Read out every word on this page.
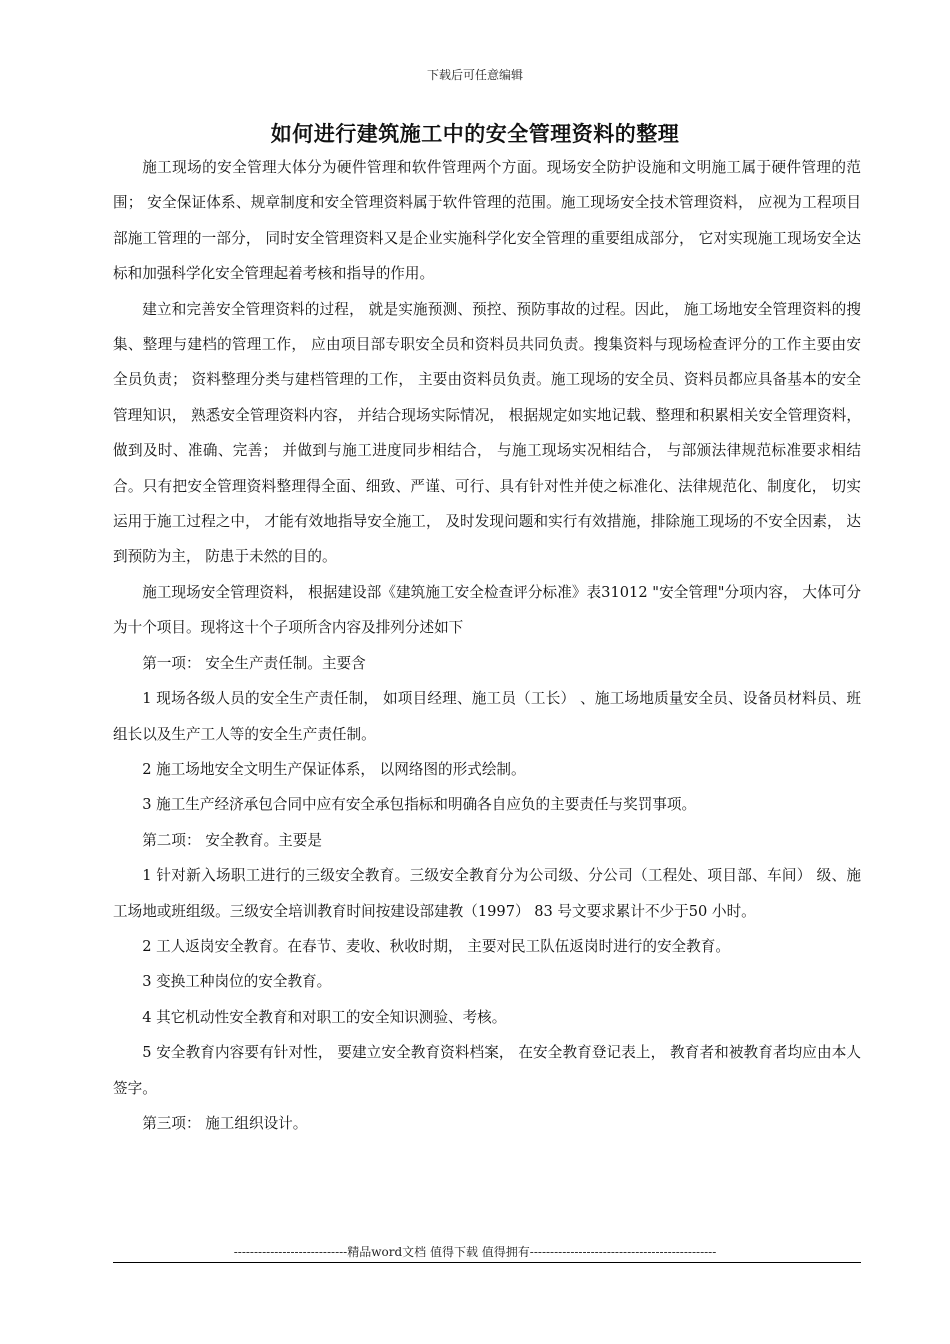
下载后可任意编辑
如何进行建筑施工中的安全管理资料的整理

施工现场的安全管理大体分为硬件管理和软件管理两个方面。现场安全防护设施和文明施工属于硬件管理的范围； 安全保证体系、规章制度和安全管理资料属于软件管理的范围。施工现场安全技术管理资料， 应视为工程项目部施工管理的一部分， 同时安全管理资料又是企业实施科学化安全管理的重要组成部分， 它对实现施工现场安全达标和加强科学化安全管理起着考核和指导的作用。

建立和完善安全管理资料的过程， 就是实施预测、预控、预防事故的过程。因此， 施工场地安全管理资料的搜集、整理与建档的管理工作， 应由项目部专职安全员和资料员共同负责。搜集资料与现场检查评分的工作主要由安全员负责； 资料整理分类与建档管理的工作， 主要由资料员负责。施工现场的安全员、资料员都应具备基本的安全管理知识， 熟悉安全管理资料内容， 并结合现场实际情况， 根据规定如实地记载、整理和积累相关安全管理资料，做到及时、准确、完善； 并做到与施工进度同步相结合， 与施工现场实况相结合， 与部颁法律规范标准要求相结合。只有把安全管理资料整理得全面、细致、严谨、可行、具有针对性并使之标准化、法律规范化、制度化， 切实运用于施工过程之中， 才能有效地指导安全施工， 及时发现问题和实行有效措施，排除施工现场的不安全因素， 达到预防为主， 防患于未然的目的。

施工现场安全管理资料， 根据建设部《建筑施工安全检查评分标准》表31012 "安全管理"分项内容， 大体可分为十个项目。现将这十个子项所含内容及排列分述如下

第一项： 安全生产责任制。主要含

1 现场各级人员的安全生产责任制， 如项目经理、施工员（工长） 、施工场地质量安全员、设备员材料员、班组长以及生产工人等的安全生产责任制。

2 施工场地安全文明生产保证体系， 以网络图的形式绘制。

3 施工生产经济承包合同中应有安全承包指标和明确各自应负的主要责任与奖罚事项。

第二项： 安全教育。主要是

1 针对新入场职工进行的三级安全教育。三级安全教育分为公司级、分公司（工程处、项目部、车间） 级、施工场地或班组级。三级安全培训教育时间按建设部建教（1997） 83 号文要求累计不少于50 小时。

2 工人返岗安全教育。在春节、麦收、秋收时期， 主要对民工队伍返岗时进行的安全教育。

3 变换工种岗位的安全教育。

4 其它机动性安全教育和对职工的安全知识测验、考核。

5 安全教育内容要有针对性， 要建立安全教育资料档案， 在安全教育登记表上， 教育者和被教育者均应由本人签字。

第三项： 施工组织设计。

----------------------------精品word文档 值得下载 值得拥有----------------------------------------------
